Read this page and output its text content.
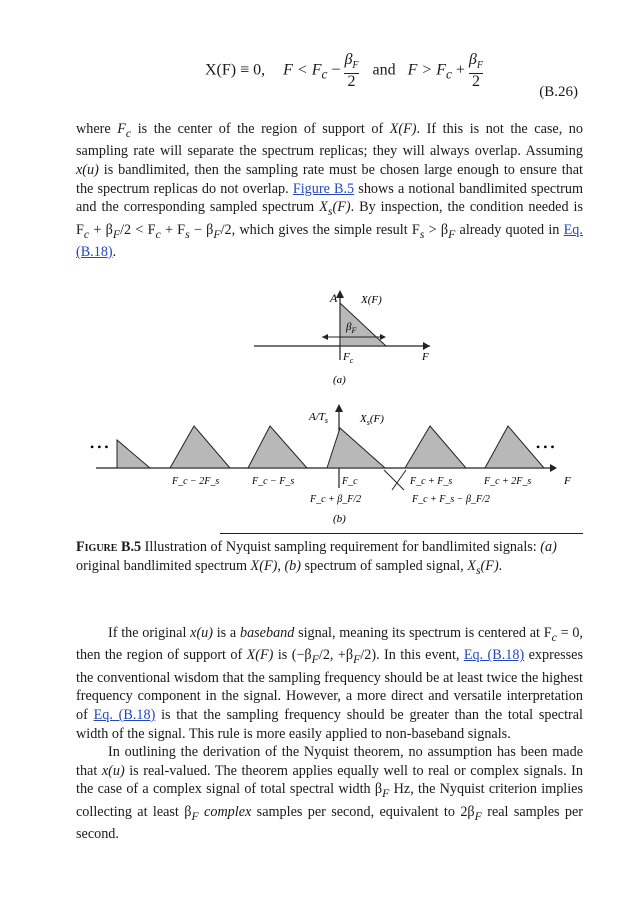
X(F) ≡ 0, $F < F_c - \frac{\beta_F}{2}$ and $F > F_c + \frac{\beta_F}{2}$
(B.26)

where $F_c$ is the center of the region of support of X(F). If this is not the case, no sampling rate will separate the spectrum replicas; they will always overlap. Assuming x(u) is bandlimited, then the sampling rate must be chosen large enough to ensure that the spectrum replicas do not overlap. Figure B.5 shows a notional bandlimited spectrum and the corresponding sampled spectrum $X_s(F)$. By inspection, the condition needed is $F_c + \beta_F/2 < F_c + F_s - \beta_F/2$, which gives the simple result $F_s > \beta_F$ already quoted in Eq. (B.18).

A X(F)
$\beta_F$
$F_c$	F
(a)
• • •	• • •
$A/T_s$	$X_s(F)$
F_c − 2F_s	F_c − F_s	F_c	F_c + F_s	F_c + 2F_s	F
F_c + β_F/2	F_c + F_s − β_F/2
(b)
Figure B.5 Illustration of Nyquist sampling requirement for bandlimited signals: (a) original bandlimited spectrum X(F), (b) spectrum of sampled signal, $X_s(F)$.

If the original x(u) is a baseband signal, meaning its spectrum is centered at $F_c = 0$, then the region of support of X(F) is ($-\beta_F/2$, $+\beta_F/2$). In this event, Eq. (B.18) expresses the conventional wisdom that the sampling frequency should be at least twice the highest frequency component in the signal. However, a more direct and versatile interpretation of Eq. (B.18) is that the sampling frequency should be greater than the total spectral width of the signal. This rule is more easily applied to non-baseband signals.

In outlining the derivation of the Nyquist theorem, no assumption has been made that x(u) is real-valued. The theorem applies equally well to real or complex signals. In the case of a complex signal of total spectral width $\beta_F$ Hz, the Nyquist criterion implies collecting at least $\beta_F$ complex samples per second, equivalent to $2\beta_F$ real samples per second.
